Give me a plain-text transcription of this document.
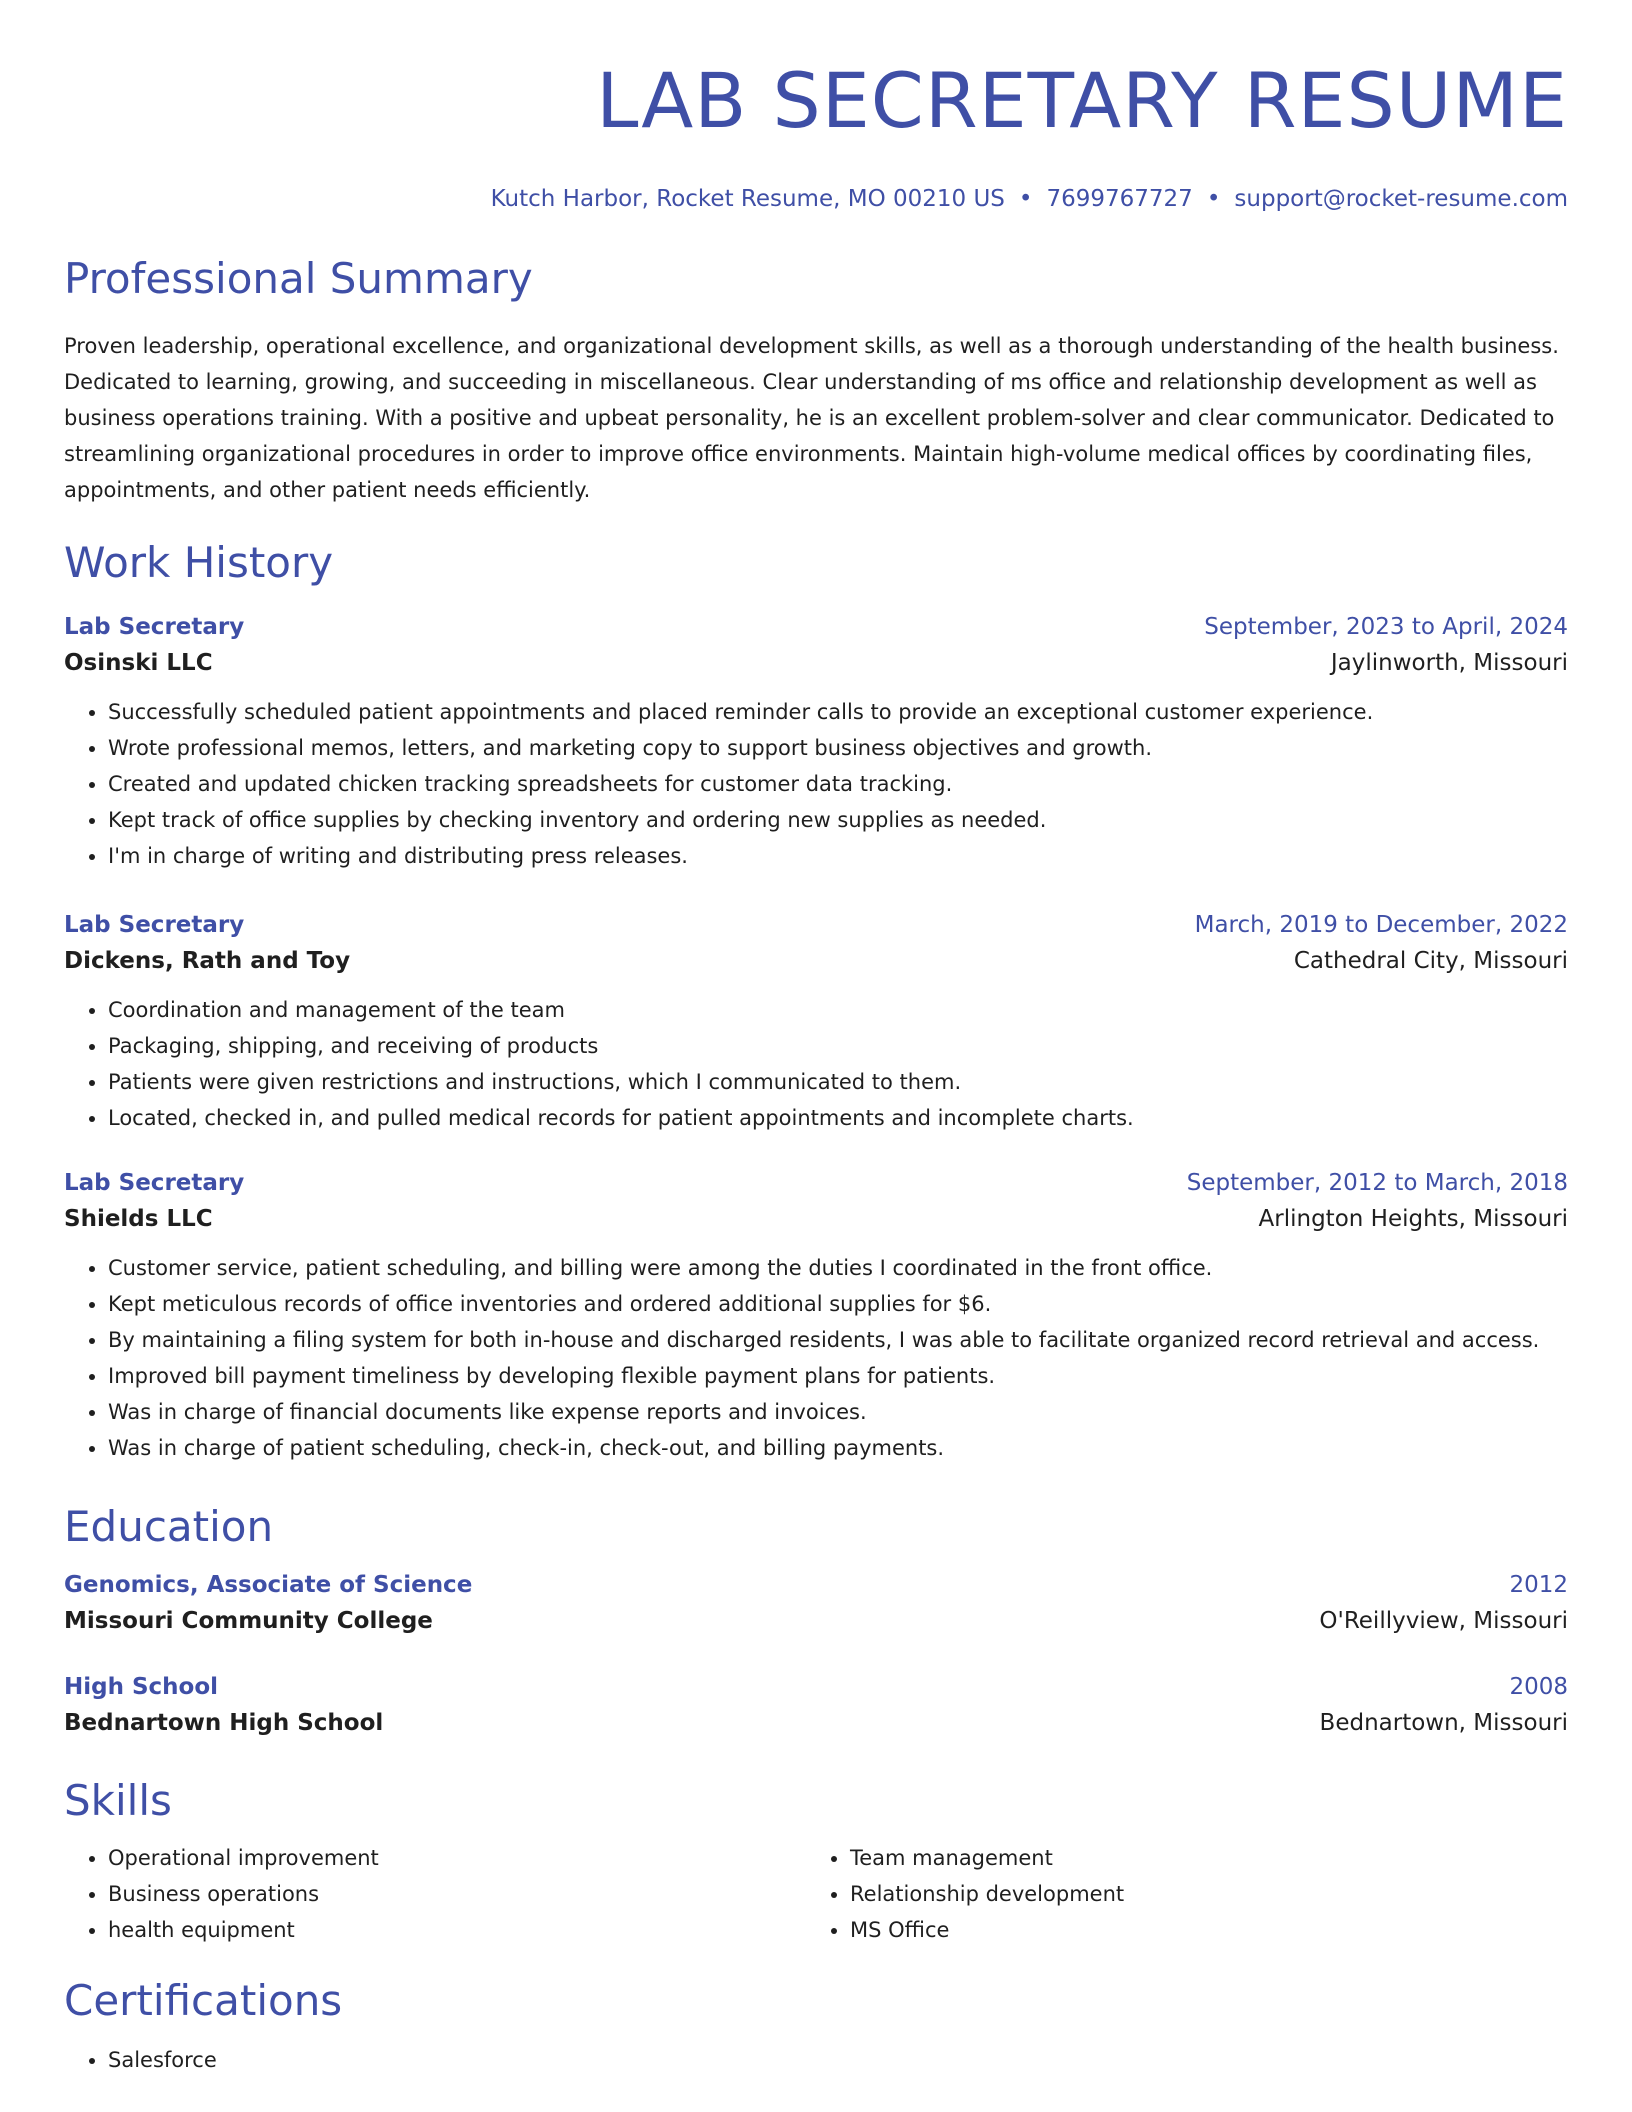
LAB SECRETARY RESUME
Kutch Harbor, Rocket Resume, MO 00210 US • 7699767727 • support@rocket-resume.com
Professional Summary
Proven leadership, operational excellence, and organizational development skills, as well as a thorough understanding of the health business. Dedicated to learning, growing, and succeeding in miscellaneous. Clear understanding of ms office and relationship development as well as business operations training. With a positive and upbeat personality, he is an excellent problem-solver and clear communicator. Dedicated to streamlining organizational procedures in order to improve office environments. Maintain high-volume medical offices by coordinating files, appointments, and other patient needs efficiently.
Work History
Lab Secretary	September, 2023 to April, 2024
Osinski LLC	Jaylinworth, Missouri
• Successfully scheduled patient appointments and placed reminder calls to provide an exceptional customer experience.
• Wrote professional memos, letters, and marketing copy to support business objectives and growth.
• Created and updated chicken tracking spreadsheets for customer data tracking.
• Kept track of office supplies by checking inventory and ordering new supplies as needed.
• I'm in charge of writing and distributing press releases.
Lab Secretary	March, 2019 to December, 2022
Dickens, Rath and Toy	Cathedral City, Missouri
• Coordination and management of the team
• Packaging, shipping, and receiving of products
• Patients were given restrictions and instructions, which I communicated to them.
• Located, checked in, and pulled medical records for patient appointments and incomplete charts.
Lab Secretary	September, 2012 to March, 2018
Shields LLC	Arlington Heights, Missouri
• Customer service, patient scheduling, and billing were among the duties I coordinated in the front office.
• Kept meticulous records of office inventories and ordered additional supplies for $6.
• By maintaining a filing system for both in-house and discharged residents, I was able to facilitate organized record retrieval and access.
• Improved bill payment timeliness by developing flexible payment plans for patients.
• Was in charge of financial documents like expense reports and invoices.
• Was in charge of patient scheduling, check-in, check-out, and billing payments.
Education
Genomics, Associate of Science	2012
Missouri Community College	O'Reillyview, Missouri
High School	2008
Bednartown High School	Bednartown, Missouri
Skills
• Operational improvement
• Business operations
• health equipment
• Team management
• Relationship development
• MS Office
Certifications
• Salesforce
